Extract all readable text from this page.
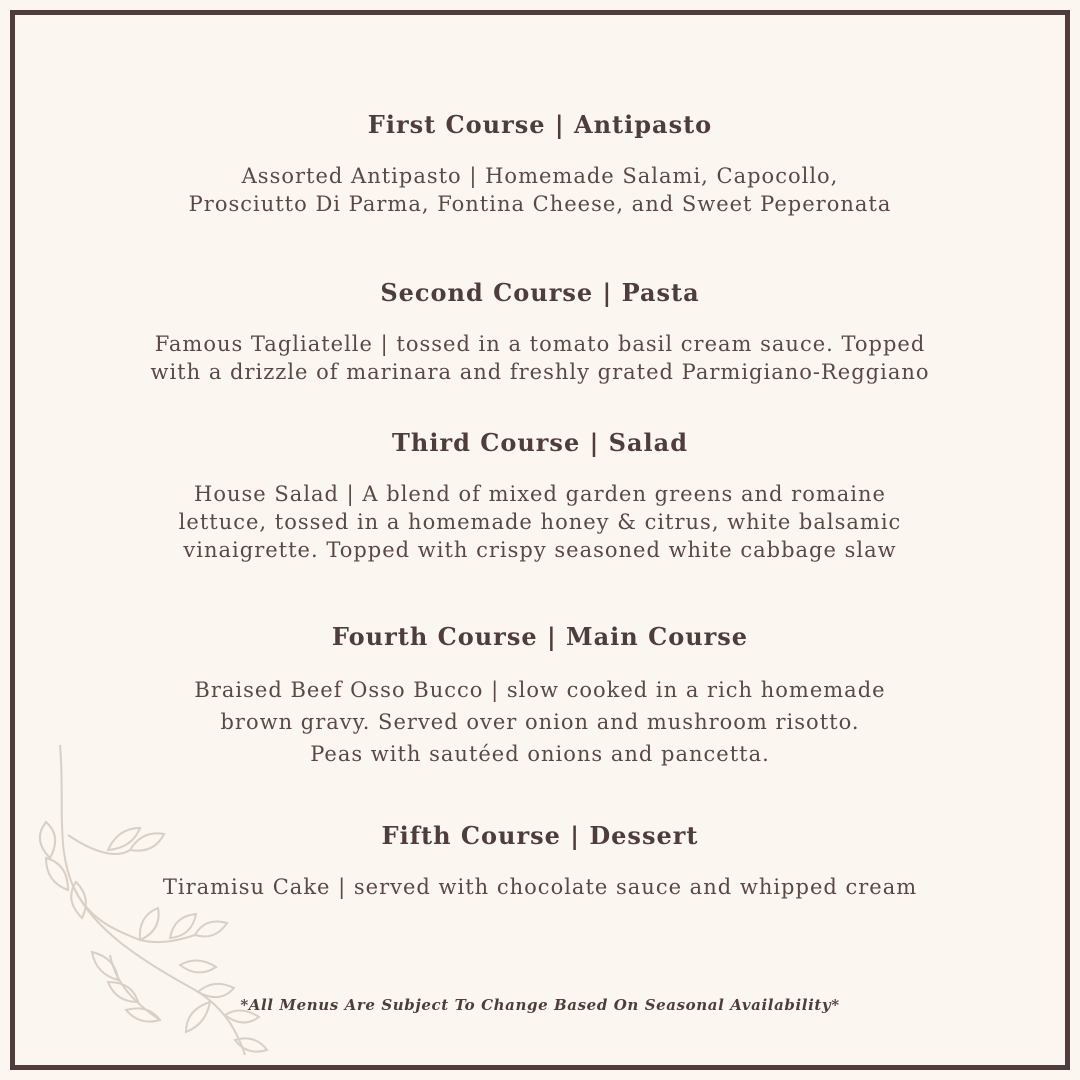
First Course | Antipasto

Assorted Antipasto | Homemade Salami, Capocollo,
Prosciutto Di Parma, Fontina Cheese, and Sweet Peperonata

Second Course | Pasta

Famous Tagliatelle | tossed in a tomato basil cream sauce. Topped
with a drizzle of marinara and freshly grated Parmigiano-Reggiano

Third Course | Salad

House Salad | A blend of mixed garden greens and romaine
lettuce, tossed in a homemade honey & citrus, white balsamic
vinaigrette. Topped with crispy seasoned white cabbage slaw

Fourth Course | Main Course

Braised Beef Osso Bucco | slow cooked in a rich homemade
brown gravy. Served over onion and mushroom risotto.
Peas with sautéed onions and pancetta.

Fifth Course | Dessert

Tiramisu Cake | served with chocolate sauce and whipped cream

*All Menus Are Subject To Change Based On Seasonal Availability*
